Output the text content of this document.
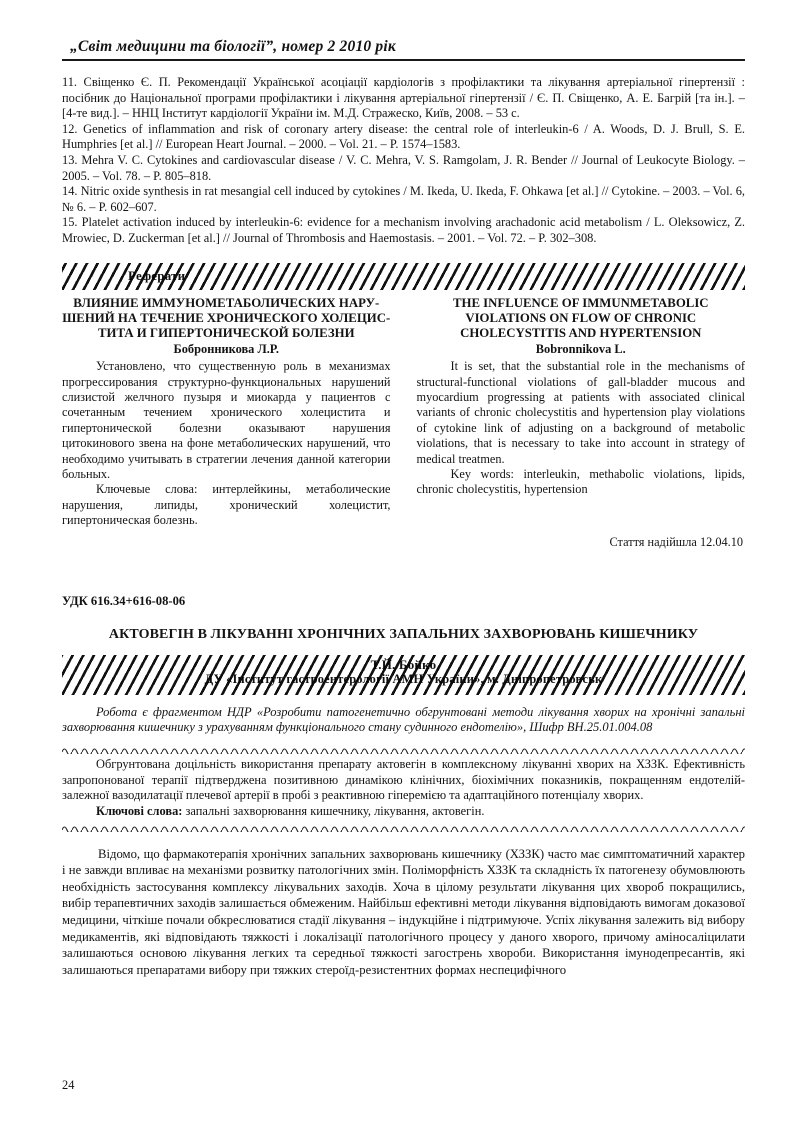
„Світ медицини та біології”, номер 2 2010 рік

11. Свіщенко Є. П. Рекомендації Української асоціації кардіологів з профілактики та лікування артеріальної гіпертензії : посібник до Національної програми профілактики і лікування артеріальної гіпертензії / Є. П. Свіщенко, А. Е. Багрій [та ін.]. – [4-те вид.]. – ННЦ Інститут кардіології України ім. М.Д. Стражеско, Київ, 2008. – 53 с.

12. Genetics of inflammation and risk of coronary artery disease: the central role of interleukin-6 / A. Woods, D. J. Brull, S. E. Humphries [et al.] // European Heart Journal. – 2000. – Vol. 21. – P. 1574–1583.

13. Mehra V. C. Cytokines and cardiovascular disease / V. C. Mehra, V. S. Ramgolam, J. R. Bender // Journal of Leukocyte Biology. – 2005. – Vol. 78. – P. 805–818.

14. Nitric oxide synthesis in rat mesangial cell induced by cytokines / M. Ikeda, U. Ikeda, F. Ohkawa [et al.] // Cytokine. – 2003. – Vol. 6, № 6. – P. 602–607.

15. Platelet activation induced by interleukin-6: evidence for a mechanism involving arachadonic acid metabolism / L. Oleksowicz, Z. Mrowiec, D. Zuckerman [et al.] // Journal of Thrombosis and Haemostasis. – 2001. – Vol. 72. – P. 302–308.

Реферати
ВЛИЯНИЕ ИММУНОМЕТАБОЛИЧЕСКИХ НАРУ-ШЕНИЙ НА ТЕЧЕНИЕ ХРОНИЧЕСКОГО ХОЛЕЦИС-ТИТА И ГИПЕРТОНИЧЕСКОЙ БОЛЕЗНИ
Бобронникова Л.Р.

Установлено, что существенную роль в механизмах прогрессирования структурно-функциональных нарушений слизистой желчного пузыря и миокарда у пациентов с сочетанным течением хронического холецистита и гипертонической болезни оказывают нарушения цитокинового звена на фоне метаболических нарушений, что необходимо учитывать в стратегии лечения данной категории больных.

Ключевые слова: интерлейкины, метаболические нарушения, липиды, хронический холецистит, гипертоническая болезнь.

THE INFLUENCE OF IMMUNMETABOLIC VIOLATIONS ON FLOW OF CHRONIC CHOLECYSTITIS AND HYPERTENSION
Bobronnikova L.

It is set, that the substantial role in the mechanisms of structural-functional violations of gall-bladder mucous and myocardium progressing at patients with associated clinical variants of chronic cholecystitis and hypertension play violations of cytokine link of adjusting on a background of metabolic violations, that is necessary to take into account in strategy of medical treatmen.

Key words: interleukin, methabolic violations, lipids, chronic cholecystitis, hypertension

Стаття надійшла 12.04.10
УДК 616.34+616-08-06
АКТОВЕГІН В ЛІКУВАННІ ХРОНІЧНИХ ЗАПАЛЬНИХ ЗАХВОРЮВАНЬ КИШЕЧНИКУ
Т.Й. Бойко
ДУ «Інститут гастроентерології АМН України», м. Дніпропетровськ

Робота є фрагментом НДР «Розробити патогенетично обгрунтовані методи лікування хворих на хронічні запальні захворювання кишечнику з урахуванням функціонального стану судинного ендотелію», Шифр ВН.25.01.004.08

Обгрунтована доцільність використання препарату актовегін в комплексному лікуванні хворих на ХЗЗК. Ефективність запропонованої терапії підтверджена позитивною динамікою клінічних, біохімічних показників, покращенням ендотелій-залежної вазодилатації плечевої артерії в пробі з реактивною гіперемією та адаптаційного потенціалу хворих.

Ключові слова: запальні захворювання кишечнику, лікування, актовегін.

Відомо, що фармакотерапія хронічних запальних захворювань кишечнику (ХЗЗК) часто має симптоматичний характер і не завжди впливає на механізми розвитку патологічних змін. Поліморфність ХЗЗК та складність їх патогенезу обумовлюють необхідність застосування комплексу лікувальних заходів. Хоча в цілому результати лікування цих хвороб покращились, вибір терапевтичних заходів залишається обмеженим. Найбільш ефективні методи лікування відповідають вимогам доказової медицини, чіткіше почали обкреслюватися стадії лікування – індукційне і підтримуюче. Успіх лікування залежить від вибору медикаментів, які відповідають тяжкості і локалізації патологічного процесу у даного хворого, причому аміносаліцилати залишаються основою лікування легких та середньої тяжкості загострень хвороби. Використання імунодепресантів, які залишаються препаратами вибору при тяжких стероїд-резистентних формах неспецифічного

24
